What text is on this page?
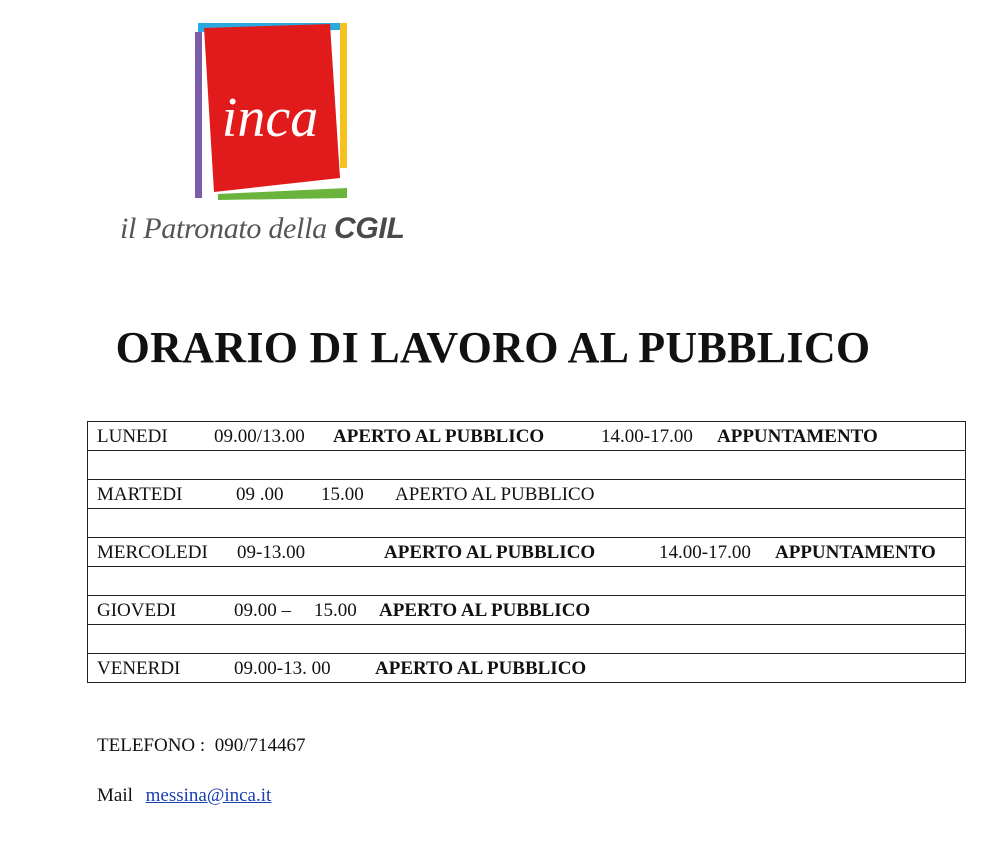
inca
il Patronato della CGIL
ORARIO DI LAVORO AL PUBBLICO
LUNEDI 09.00/13.00 APERTO AL PUBBLICO	14.00-17.00 APPUNTAMENTO

MARTEDI	09 .00 15.00 APERTO AL PUBBLICO

MERCOLEDI 09-13.00	APERTO AL PUBBLICO	14.00-17.00 APPUNTAMENTO

GIOVEDI	09.00 – 15.00 APERTO AL PUBBLICO

VENERDI	09.00-13. 00 APERTO AL PUBBLICO
TELEFONO : 090/714467
Mail messina@inca.it
